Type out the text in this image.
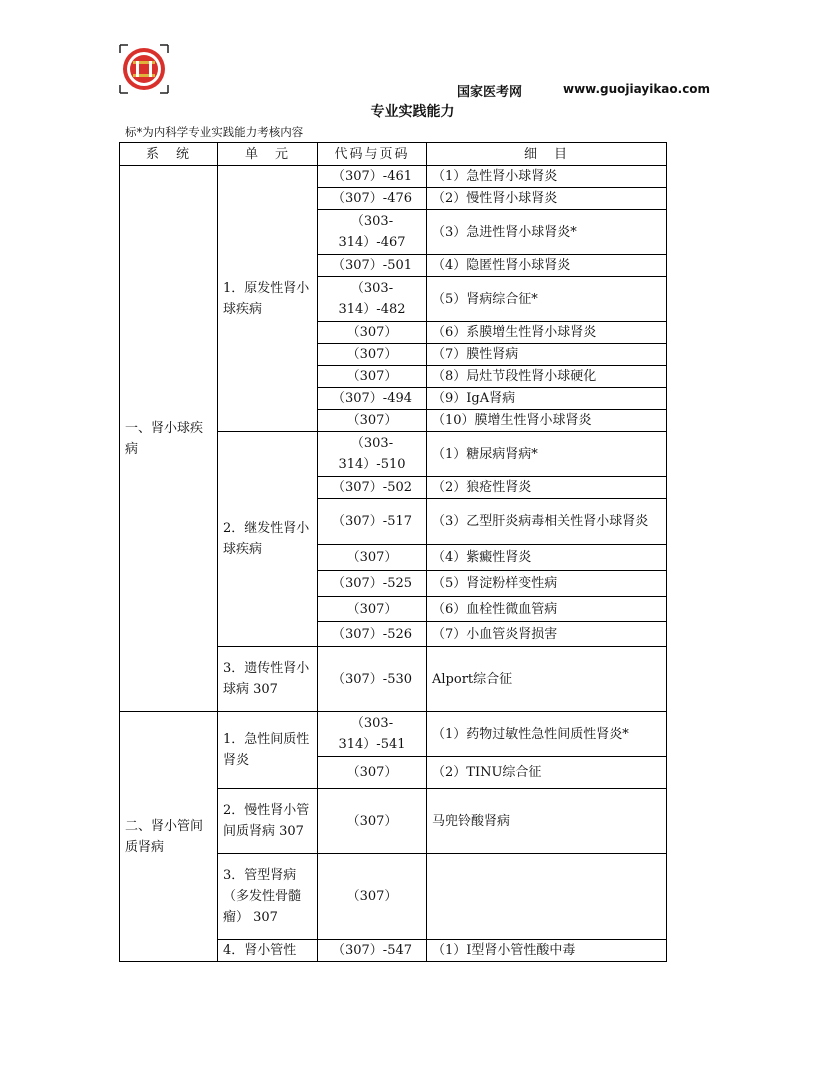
国家医考网	www.guojiayikao.com
专业实践能力
标*为内科学专业实践能力考核内容
系　统	单　元	代码与页码	细　目
一、肾小球疾病	1．原发性肾小球疾病	（307）-461	（1）急性肾小球肾炎
		（307）-476	（2）慢性肾小球肾炎
		（303-314）-467	（3）急进性肾小球肾炎*
		（307）-501	（4）隐匿性肾小球肾炎
		（303-314）-482	（5）肾病综合征*
		（307）	（6）系膜增生性肾小球肾炎
		（307）	（7）膜性肾病
		（307）	（8）局灶节段性肾小球硬化
		（307）-494	（9）IgA肾病
		（307）	（10）膜增生性肾小球肾炎
	2．继发性肾小球疾病	（303-314）-510	（1）糖尿病肾病*
		（307）-502	（2）狼疮性肾炎
		（307）-517	（3）乙型肝炎病毒相关性肾小球肾炎
		（307）	（4）紫癜性肾炎
		（307）-525	（5）肾淀粉样变性病
		（307）	（6）血栓性微血管病
		（307）-526	（7）小血管炎肾损害
	3．遗传性肾小球病 307	（307）-530	Alport综合征
二、肾小管间质肾病	1．急性间质性肾炎	（303-314）-541	（1）药物过敏性急性间质性肾炎*
		（307）	（2）TINU综合征
	2．慢性肾小管间质肾病 307	（307）	马兜铃酸肾病
	3．管型肾病（多发性骨髓瘤） 307	（307）	
	4．肾小管性	（307）-547	（1）I型肾小管性酸中毒
